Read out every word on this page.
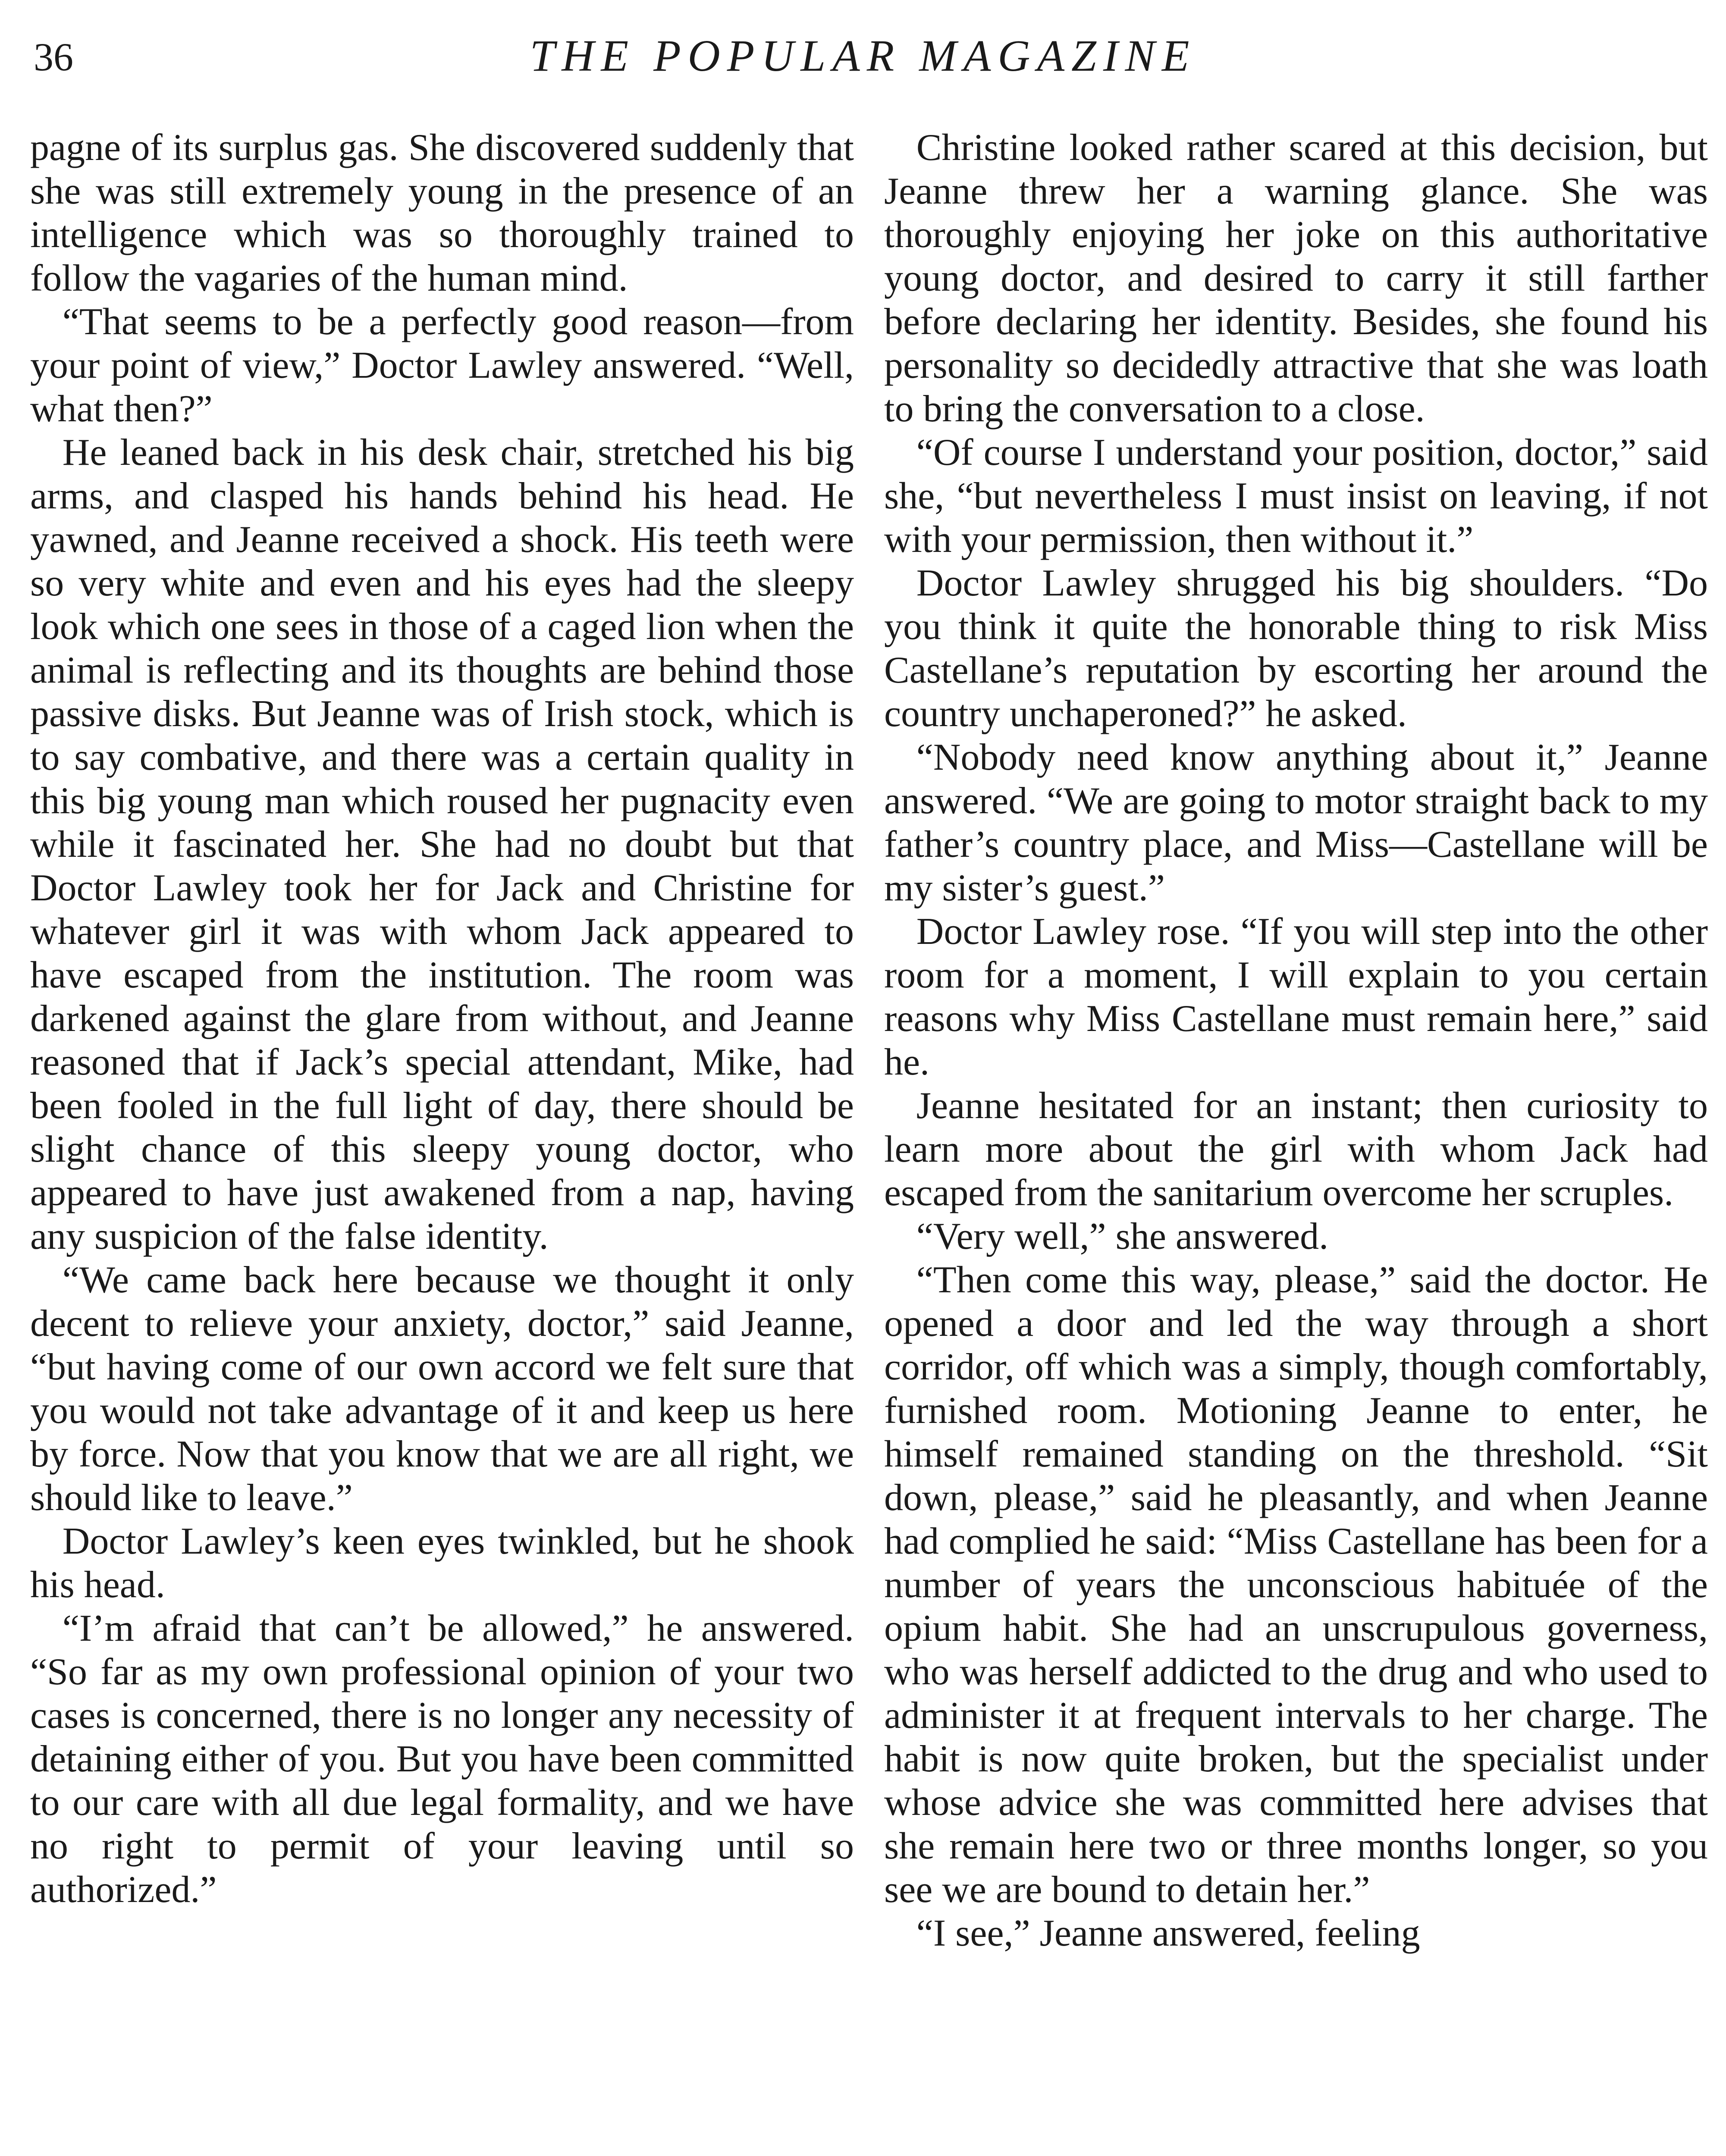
36	THE POPULAR MAGAZINE

pagne of its surplus gas. She discovered suddenly that she was still extremely young in the presence of an intelligence which was so thoroughly trained to follow the vagaries of the human mind.

“That seems to be a perfectly good reason—from your point of view,” Doctor Lawley answered. “Well, what then?”

He leaned back in his desk chair, stretched his big arms, and clasped his hands behind his head. He yawned, and Jeanne received a shock. His teeth were so very white and even and his eyes had the sleepy look which one sees in those of a caged lion when the animal is reflecting and its thoughts are behind those passive disks. But Jeanne was of Irish stock, which is to say combative, and there was a certain quality in this big young man which roused her pugnacity even while it fascinated her. She had no doubt but that Doctor Lawley took her for Jack and Christine for whatever girl it was with whom Jack appeared to have escaped from the institution. The room was darkened against the glare from without, and Jeanne reasoned that if Jack’s special attendant, Mike, had been fooled in the full light of day, there should be slight chance of this sleepy young doctor, who appeared to have just awakened from a nap, having any suspicion of the false identity.

“We came back here because we thought it only decent to relieve your anxiety, doctor,” said Jeanne, “but having come of our own accord we felt sure that you would not take advantage of it and keep us here by force. Now that you know that we are all right, we should like to leave.”

Doctor Lawley’s keen eyes twinkled, but he shook his head.

“I’m afraid that can’t be allowed,” he answered. “So far as my own professional opinion of your two cases is concerned, there is no longer any necessity of detaining either of you. But you have been committed to our care with all due legal formality, and we have no right to permit of your leaving until so authorized.”

Christine looked rather scared at this decision, but Jeanne threw her a warning glance. She was thoroughly enjoying her joke on this authoritative young doctor, and desired to carry it still farther before declaring her identity. Besides, she found his personality so decidedly attractive that she was loath to bring the conversation to a close.

“Of course I understand your position, doctor,” said she, “but nevertheless I must insist on leaving, if not with your permission, then without it.”

Doctor Lawley shrugged his big shoulders. “Do you think it quite the honorable thing to risk Miss Castellane’s reputation by escorting her around the country unchaperoned?” he asked.

“Nobody need know anything about it,” Jeanne answered. “We are going to motor straight back to my father’s country place, and Miss—Castellane will be my sister’s guest.”

Doctor Lawley rose. “If you will step into the other room for a moment, I will explain to you certain reasons why Miss Castellane must remain here,” said he.

Jeanne hesitated for an instant; then curiosity to learn more about the girl with whom Jack had escaped from the sanitarium overcome her scruples.

“Very well,” she answered.

“Then come this way, please,” said the doctor. He opened a door and led the way through a short corridor, off which was a simply, though comfortably, furnished room. Motioning Jeanne to enter, he himself remained standing on the threshold. “Sit down, please,” said he pleasantly, and when Jeanne had complied he said: “Miss Castellane has been for a number of years the unconscious habituée of the opium habit. She had an unscrupulous governess, who was herself addicted to the drug and who used to administer it at frequent intervals to her charge. The habit is now quite broken, but the specialist under whose advice she was committed here advises that she remain here two or three months longer, so you see we are bound to detain her.”

“I see,” Jeanne answered, feeling
